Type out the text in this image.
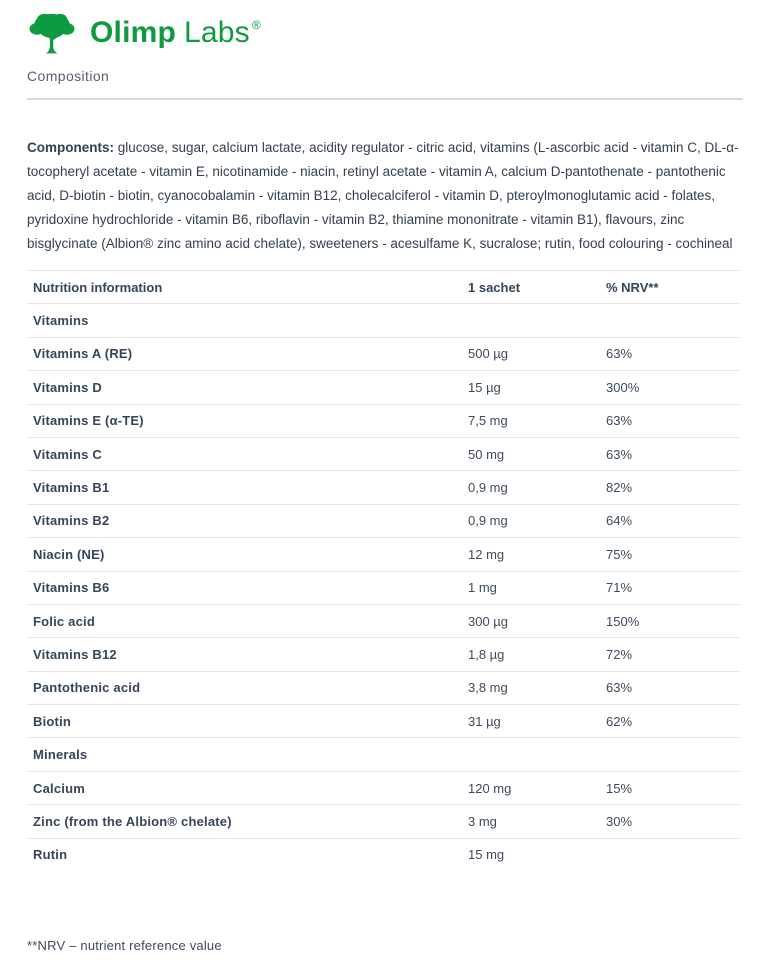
Olimp Labs ®
Composition

Components: glucose, sugar, calcium lactate, acidity regulator - citric acid, vitamins (L-ascorbic acid - vitamin C, DL-α-tocopheryl acetate - vitamin E, nicotinamide - niacin, retinyl acetate - vitamin A, calcium D-pantothenate - pantothenic acid, D-biotin - biotin, cyanocobalamin - vitamin B12, cholecalciferol - vitamin D, pteroylmonoglutamic acid - folates, pyridoxine hydrochloride - vitamin B6, riboflavin - vitamin B2, thiamine mononitrate - vitamin B1), flavours, zinc bisglycinate (Albion® zinc amino acid chelate), sweeteners - acesulfame K, sucralose; rutin, food colouring - cochineal

Nutrition information	1 sachet	% NRV**
Vitamins
Vitamins A (RE)	500 µg	63%
Vitamins D	15 µg	300%
Vitamins E (α-TE)	7,5 mg	63%
Vitamins C	50 mg	63%
Vitamins B1	0,9 mg	82%
Vitamins B2	0,9 mg	64%
Niacin (NE)	12 mg	75%
Vitamins B6	1 mg	71%
Folic acid	300 µg	150%
Vitamins B12	1,8 µg	72%
Pantothenic acid	3,8 mg	63%
Biotin	31 µg	62%
Minerals
Calcium	120 mg	15%
Zinc (from the Albion® chelate)	3 mg	30%
Rutin	15 mg

**NRV – nutrient reference value
